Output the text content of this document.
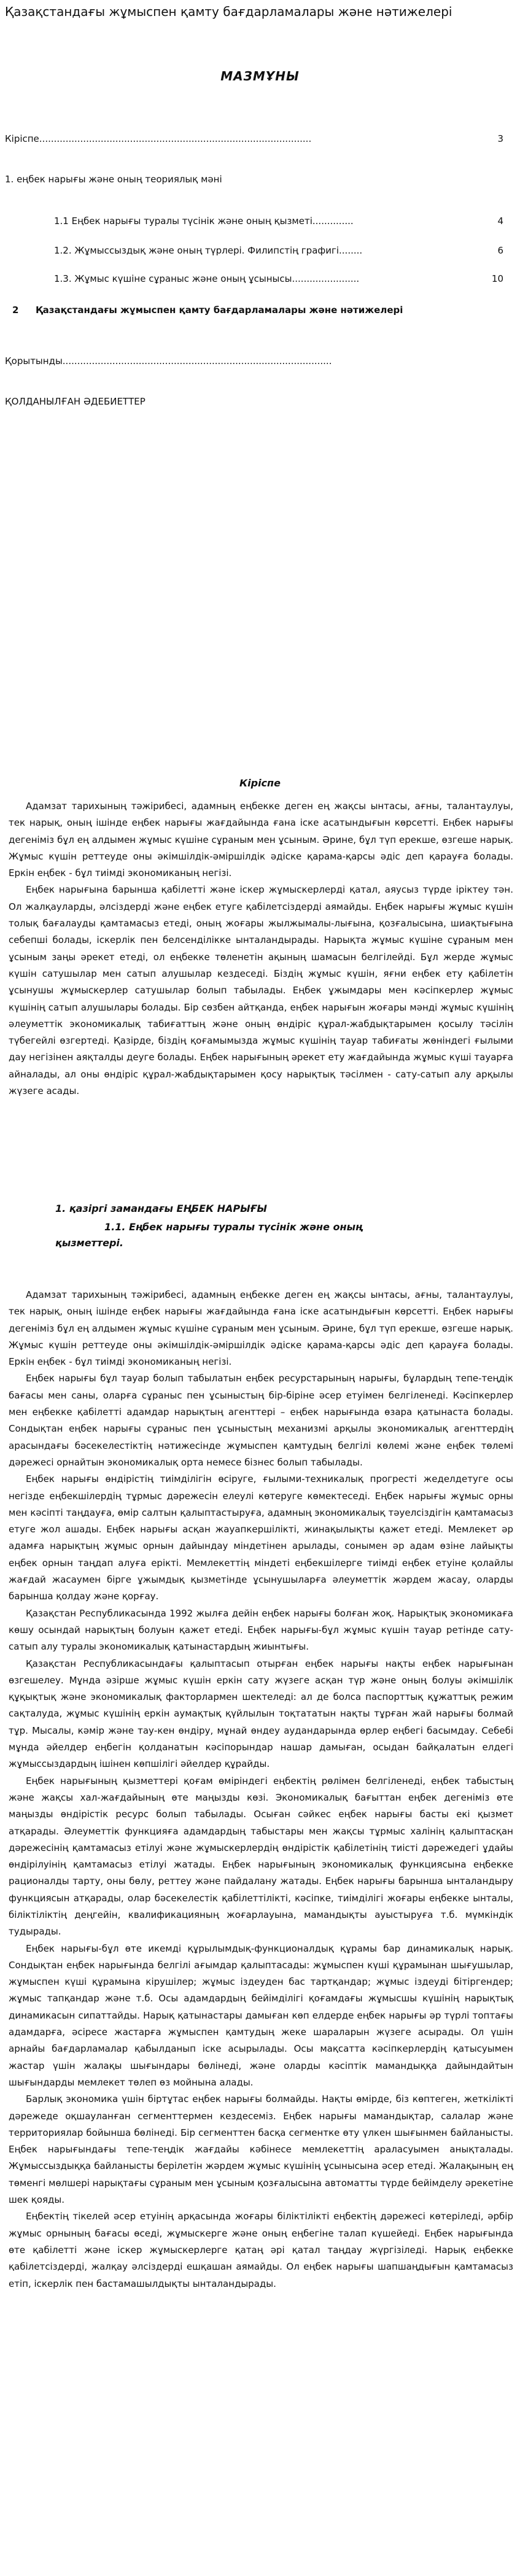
Қазақстандағы жұмыспен қамту бағдарламалары және нәтижелері
МАЗМҰНЫ
Кіріспе.............................................................................................	3
1. еңбек нарығы және оның теориялық мәні
1.1 Еңбек нарығы туралы түсінік және оның қызметі..............	4
1.2. Жұмыссыздық және оның түрлері. Филипстің графигі........	6
1.3. Жұмыс күшіне сұраныс және оның ұсынысы.......................	10
2 Қазақстандағы жұмыспен қамту бағдарламалары және нәтижелері
Қорытынды............................................................................................
ҚОЛДАНЫЛҒАН ӘДЕБИЕТТЕР
Кіріспе

Адамзат тарихының тәжірибесі, адамның еңбекке деген ең жақсы ынтасы, ағны, талантаулуы, тек нарық, оның ішінде еңбек нарығы жағдайында ғана іске асатындығын көрсетті. Еңбек нарығы дегеніміз бұл ең алдымен жұмыс күшіне сұраным мен ұсыным. Әрине, бұл түп ерекше, өзгеше нарық. Жұмыс күшін реттеуде оны әкімшілдік-әміршілдік әдіске қарама-қарсы әдіс деп қарауға болады. Еркін еңбек - бұл тиімді экономиканың негізі.

Еңбек нарығына барынша қабілетті және іскер жұмыскерлерді қатал, аяусыз түрде іріктеу тән. Ол жалқауларды, әлсіздерді және еңбек етуге қабілетсіздерді аямайды. Еңбек нарығы жұмыс күшін толық бағалауды қамтамасыз етеді, оның жоғары жылжымалы-лығына, қозғалысына, шиақтығына себепші болады, іскерлік пен белсенділікке ынталандырады. Нарықта жұмыс күшіне сұраным мен ұсыным заңы әрекет етеді, ол еңбекке төленетін ақының шамасын белгілейді. Бұл жерде жұмыс күшін сатушылар мен сатып алушылар кездеседі. Біздің жұмыс күшін, яғни еңбек ету қабілетін ұсынушы жұмыскерлер сатушылар болып табылады. Еңбек ұжымдары мен кәсіпкерлер жұмыс күшінің сатып алушылары болады. Бір сөзбен айтқанда, еңбек нарығын жоғары мәнді жұмыс күшінің әлеуметтік экономикалық табиғаттың және оның өндіріс құрал-жабдықтарымен қосылу тәсілін түбегейлі өзгертеді. Қазірде, біздің қоғамымызда жұмыс күшінің тауар табиғаты жөніндегі ғылыми дау негізінен аяқталды деуге болады. Еңбек нарығының әрекет ету жағдайында жұмыс күші тауарға айналады, ал оны өндіріс құрал-жабдықтарымен қосу нарықтық тәсілмен - сату-сатып алу арқылы жүзеге асады.

1. қазіргі замандағы ЕҢБЕК НАРЫҒЫ
1.1. Еңбек нарығы туралы түсінік және оның қызметтері.

Адамзат тарихының тәжірибесі, адамның еңбекке деген ең жақсы ынтасы, ағны, талантаулуы, тек нарық, оның ішінде еңбек нарығы жағдайында ғана іске асатындығын көрсетті. Еңбек нарығы дегеніміз бұл ең алдымен жұмыс күшіне сұраным мен ұсыным. Әрине, бұл түп ерекше, өзгеше нарық. Жұмыс күшін реттеуде оны әкімшілдік-әміршілдік әдіске қарама-қарсы әдіс деп қарауға болады. Еркін еңбек - бұл тиімді экономиканың негізі.

Еңбек нарығы бұл тауар болып табылатын еңбек ресурстарының нарығы, бұлардың тепе-теңдік бағасы мен саны, оларға сұраныс пен ұсыныстың бір-біріне әсер етуімен белгіленеді. Кәсіпкерлер мен еңбекке қабілетті адамдар нарықтың агенттері – еңбек нарығында өзара қатынаста болады. Сондықтан еңбек нарығы сұраныс пен ұсыныстың механизмі арқылы экономикалық агенттердің арасындағы бәсекелестіктің нәтижесінде жұмыспен қамтудың белгілі көлемі және еңбек төлемі дәрежесі орнайтын экономикалық орта немесе бізнес болып табылады.

Еңбек нарығы өндірістің тиімділігін өсіруге, ғылыми-техникалық прогресті жеделдетуге осы негізде еңбекшілердің тұрмыс дәрежесін елеулі көтеруге көмектеседі. Еңбек нарығы жұмыс орны мен кәсіпті таңдауға, өмір салтын қалыптастыруға, адамның экономикалық тәуелсіздігін қамтамасыз етуге жол ашады. Еңбек нарығы асқан жауапкершілікті, жинақылықты қажет етеді. Мемлекет әр адамға нарықтың жұмыс орнын дайындау міндетінен арылады, сонымен әр адам өзіне лайықты еңбек орнын таңдап алуға ерікті. Мемлекеттің міндеті еңбекшілерге тиімді еңбек етуіне қолайлы жағдай жасаумен бірге ұжымдық қызметінде ұсынушыларға әлеуметтік жәрдем жасау, оларды барынша қолдау және қорғау.

Қазақстан Республикасында 1992 жылға дейін еңбек нарығы болған жоқ. Нарықтық экономикаға көшу осындай нарықтың болуын қажет етеді. Еңбек нарығы-бұл жұмыс күшін тауар ретінде сату-сатып алу туралы экономикалық қатынастардың жиынтығы.

Қазақстан Республикасындағы қалыптасып отырған еңбек нарығы нақты еңбек нарығынан өзгешелеу. Мұнда әзірше жұмыс күшін еркін сату жүзеге асқан түр және оның болуы әкімшілік құқықтық және экономикалық факторлармен шектеледі: ал де болса паспорттық құжаттық режим сақталуда, жұмыс күшінің еркін аумақтық қүйлылын тоқтататын нақты тұрған жай нарығы болмай тұр. Мысалы, кәмір және тау-кен өндіру, мұнай өндеу аудандарында өрлер еңбегі басымдау. Себебі мұнда әйелдер еңбегін қолданатын кәсіпорындар нашар дамыған, осыдан байқалатын елдегі жұмыссыздардың ішінен көпшілігі әйелдер құрайды.

Еңбек нарығының қызметтері қоғам өміріндегі еңбектің рөлімен белгіленеді, еңбек табыстың және жақсы хал-жағдайының өте маңызды көзі. Экономикалық бағыттан еңбек дегеніміз өте маңызды өндірістік ресурс болып табылады. Осыған сәйкес еңбек нарығы басты екі қызмет атқарады. Әлеуметтік функцияға адамдардың табыстары мен жақсы тұрмыс халінің қалыптасқан дәрежесінің қамтамасыз етілуі және жұмыскерлердің өндірістік қабілетінің тиісті дәрежедегі ұдайы өндірілуінің қамтамасыз етілуі жатады. Еңбек нарығының экономикалық функциясына еңбекке рационалды тарту, оны бөлу, реттеу және пайдалану жатады. Еңбек нарығы барынша ынталандыру функциясын атқарады, олар бәсекелестік қабілеттілікті, кәсіпке, тиімділігі жоғары еңбекке ынталы, біліктіліктің деңгейін, квалификацияның жоғарлауына, мамандықты ауыстыруға т.б. мүмкіндік тудырады.

Еңбек нарығы-бұл өте икемді құрылымдық-функционалдық құрамы бар динамикалық нарық. Сондықтан еңбек нарығында белгілі ағымдар қалыптасады: жұмыспен күші құрамынан шығушылар, жұмыспен күші құрамына кірушілер; жұмыс іздеуден бас тартқандар; жұмыс іздеуді бітіргендер; жұмыс тапқандар және т.б. Осы адамдардың бейімділігі қоғамдағы жұмысшы күшінің нарықтық динамикасын сипаттайды. Нарық қатынастары дамыған көп елдерде еңбек нарығы әр түрлі топтағы адамдарға, әсіресе жастарға жұмыспен қамтудың жеке шараларын жүзеге асырады. Ол үшін арнайы бағдарламалар қабылданып іске асырылады. Осы мақсатта кәсіпкерлердің қатысуымен жастар үшін жалақы шығындары бөлінеді, және оларды кәсіптік мамандыққа дайындайтын шығындарды мемлекет төлеп өз мойнына алады.

Барлық экономика үшін біртұтас еңбек нарығы болмайды. Нақты өмірде, біз көптеген, жеткілікті дәрежеде оқшауланған сегменттермен кездесеміз. Еңбек нарығы мамандықтар, салалар және территориялар бойынша бөлінеді. Бір сегменттен басқа сегментке өту үлкен шығынмен байланысты. Еңбек нарығындағы тепе-теңдік жағдайы кәбінесе мемлекеттің араласуымен анықталады. Жұмыссыздыққа байланысты берілетін жәрдем жұмыс күшінің ұсынысына әсер етеді. Жалақының ең төменгі мөлшері нарықтағы сұраным мен ұсыным қозғалысына автоматты түрде бейімделу әрекетіне шек қояды.

Еңбектің тікелей әсер етуінің арқасында жоғары біліктілікті еңбектің дәрежесі көтеріледі, әрбір жұмыс орнының бағасы өседі, жұмыскерге және оның еңбегіне талап күшейеді. Еңбек нарығында өте қабілетті және іскер жұмыскерлерге қатаң әрі қатал таңдау жүргізіледі. Нарық еңбекке қабілетсіздерді, жалқау әлсіздерді ешқашан аямайды. Ол еңбек нарығы шапшаңдығын қамтамасыз етіп, іскерлік пен бастамашылдықты ынталандырады.
